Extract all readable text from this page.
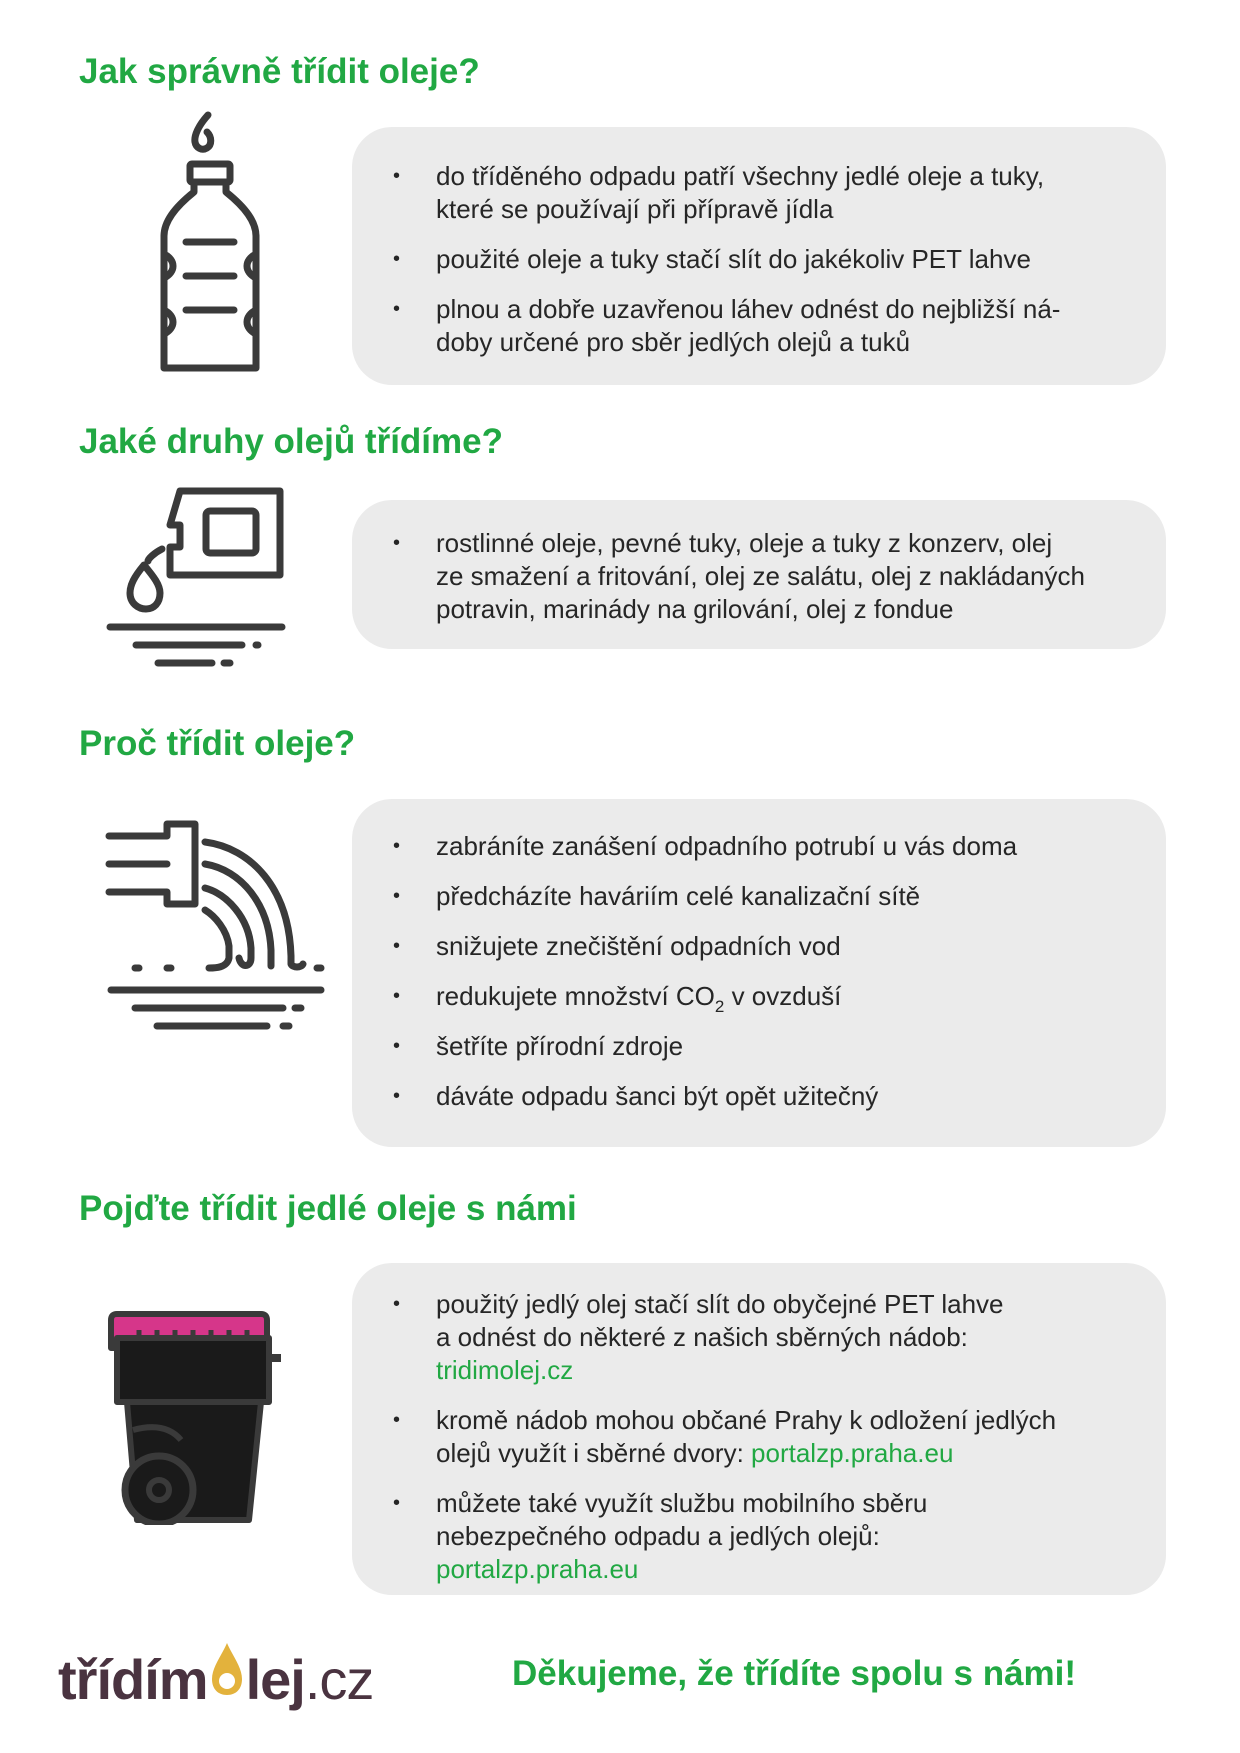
Jak správně třídit oleje?
• do tříděného odpadu patří všechny jedlé oleje a tuky,
které se používají při přípravě jídla
• použité oleje a tuky stačí slít do jakékoliv PET lahve
• plnou a dobře uzavřenou láhev odnést do nejbližší ná-
doby určené pro sběr jedlých olejů a tuků
Jaké druhy olejů třídíme?
• rostlinné oleje, pevné tuky, oleje a tuky z konzerv, olej
ze smažení a fritování, olej ze salátu, olej z nakládaných
potravin, marinády na grilování, olej z fondue
Proč třídit oleje?
• zabráníte zanášení odpadního potrubí u vás doma
• předcházíte haváriím celé kanalizační sítě
• snižujete znečištění odpadních vod
• redukujete množství $CO_2$ v ovzduší
• šetříte přírodní zdroje
• dáváte odpadu šanci být opět užitečný
Pojďte třídit jedlé oleje s námi
• použitý jedlý olej stačí slít do obyčejné PET lahve
a odnést do některé z našich sběrných nádob:
tridimolej.cz
• kromě nádob mohou občané Prahy k odložení jedlých
olejů využít i sběrné dvory: portalzp.praha.eu
• můžete také využít službu mobilního sběru
nebezpečného odpadu a jedlých olejů:
portalzp.praha.eu
třídím lej.cz	Děkujeme, že třídíte spolu s námi!
